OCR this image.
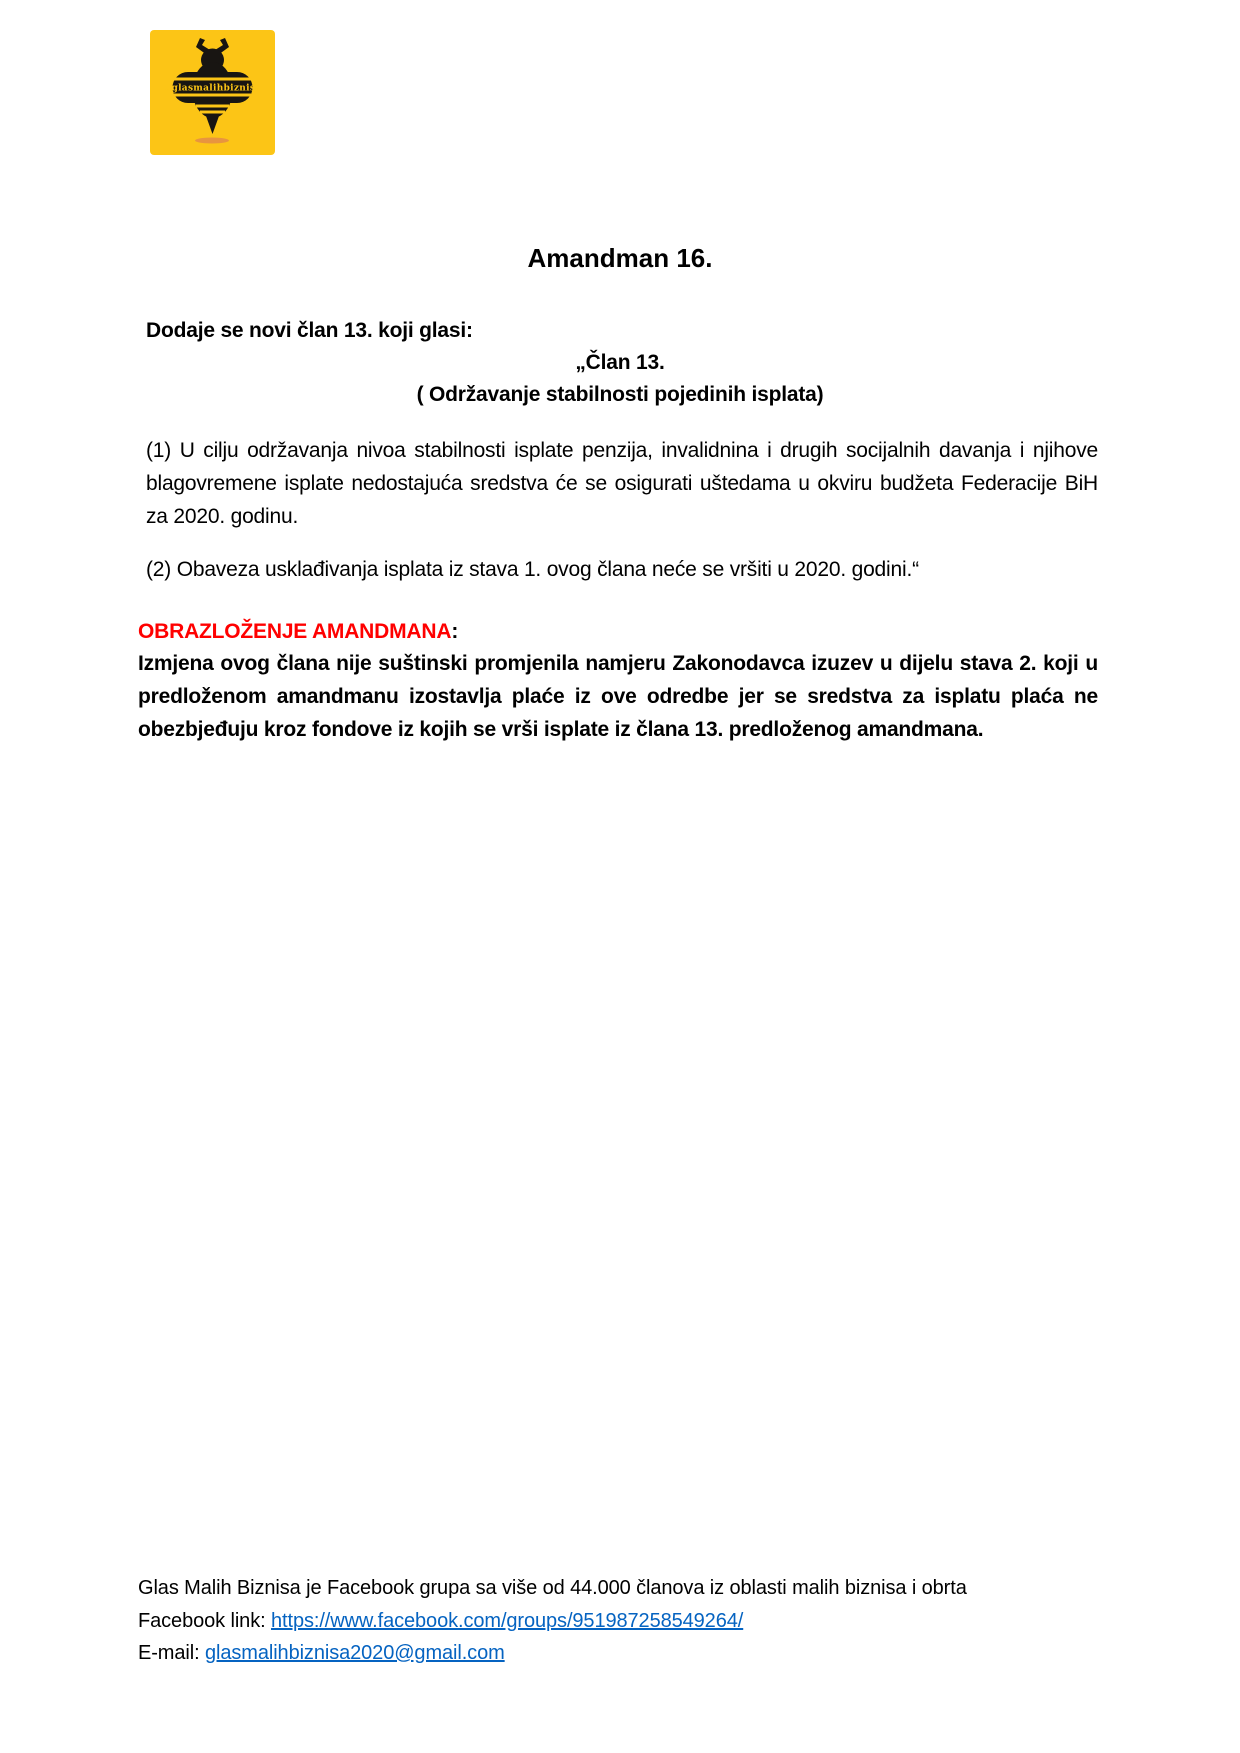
#glasmalihbiznisa

Amandman 16.

Dodaje se novi član 13. koji glasi:

„Član 13.

( Održavanje stabilnosti pojedinih isplata)

(1) U cilju održavanja nivoa stabilnosti isplate penzija, invalidnina i drugih socijalnih davanja i njihove blagovremene isplate nedostajuća sredstva će se osigurati uštedama u okviru budžeta Federacije BiH za 2020. godinu.

(2) Obaveza usklađivanja isplata iz stava 1. ovog člana neće se vršiti u 2020. godini.“

OBRAZLOŽENJE AMANDMANA:

Izmjena ovog člana nije suštinski promjenila namjeru Zakonodavca izuzev u dijelu stava 2. koji u predloženom amandmanu izostavlja plaće iz ove odredbe jer se sredstva za isplatu plaća ne obezbjeđuju kroz fondove iz kojih se vrši isplate iz člana 13. predloženog amandmana.

Glas Malih Biznisa je Facebook grupa sa više od 44.000 članova iz oblasti malih biznisa i obrta

Facebook link: https://www.facebook.com/groups/951987258549264/

E-mail: glasmalihbiznisa2020@gmail.com
